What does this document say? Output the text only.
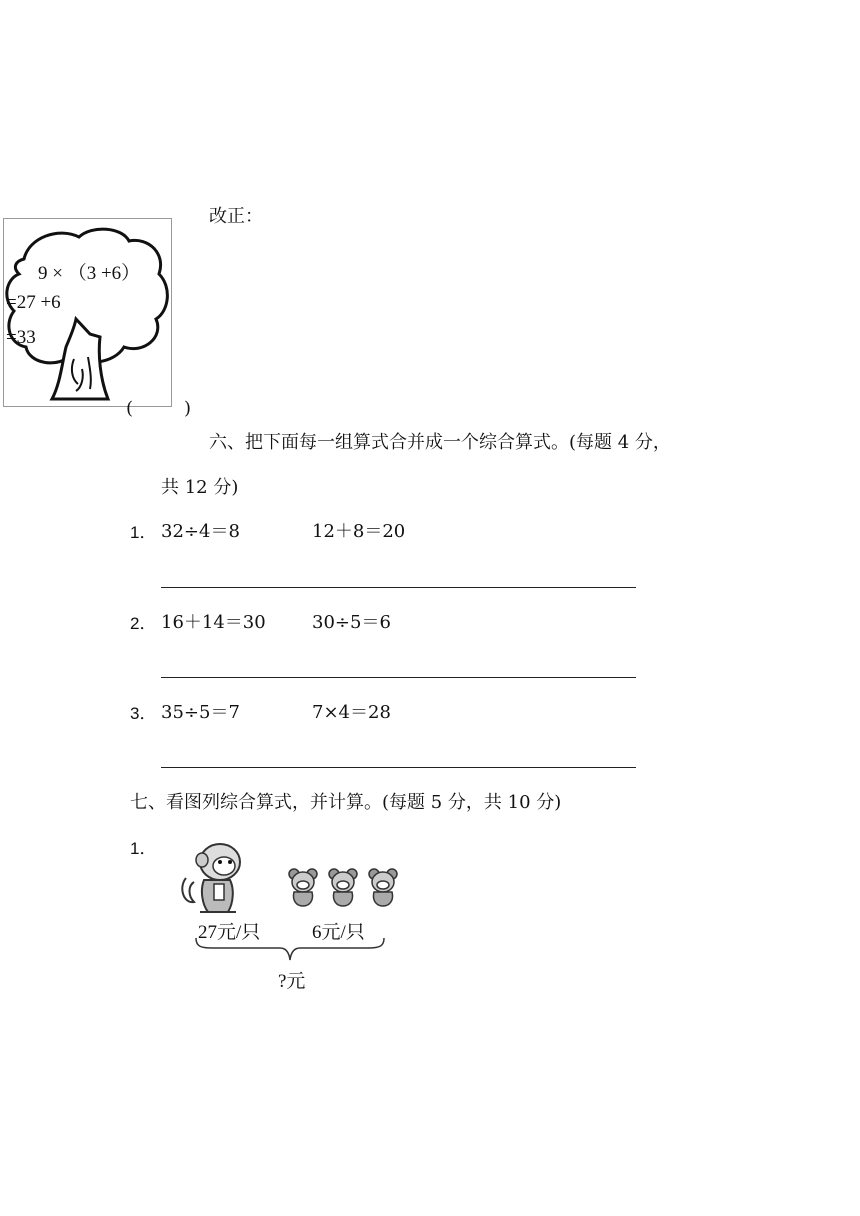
改正：
9 × （3 +6）
=27 +6
=33
(	)
六、把下面每一组算式合并成一个综合算式。(每题 4 分，
共 12 分)
1． 32÷4＝8	12＋8＝20
2． 16＋14＝30	30÷5＝6
3． 35÷5＝7	7×4＝28
七、看图列综合算式，并计算。(每题 5 分，共 10 分)
1．
27元/只	6元/只
?元
